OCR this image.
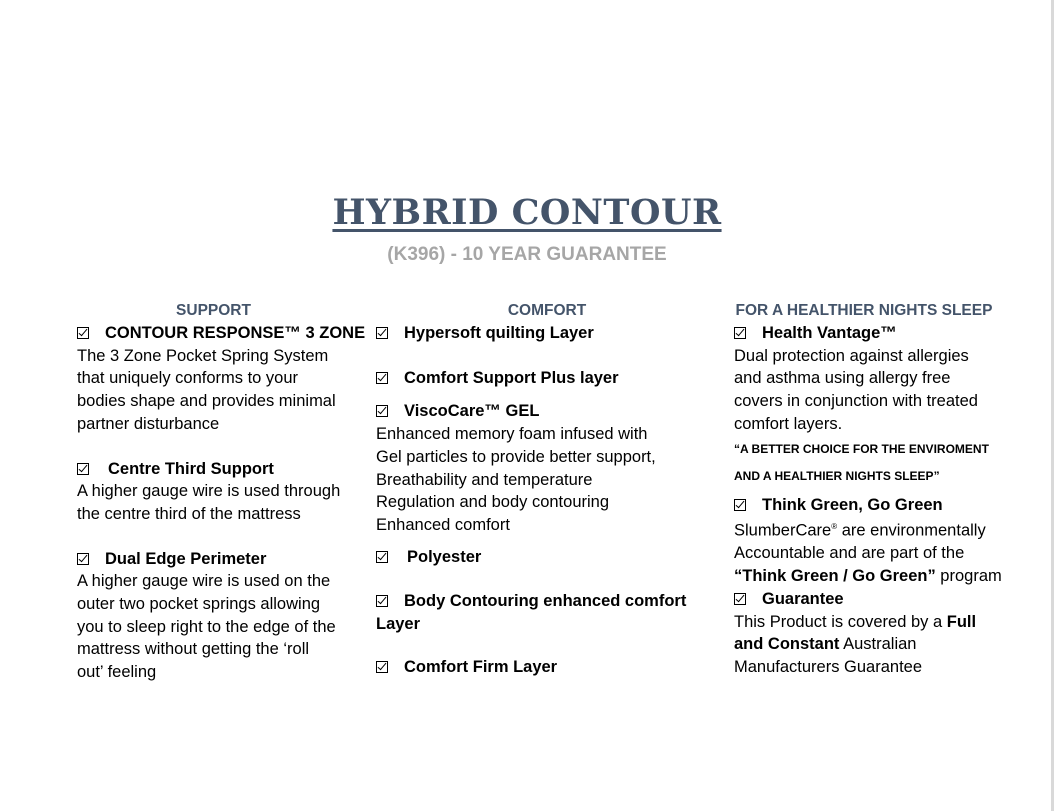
HYBRID CONTOUR
(K396) - 10 YEAR GUARANTEE
SUPPORT
CONTOUR RESPONSE™ 3 ZONE
The 3 Zone Pocket Spring System
that uniquely conforms to your
bodies shape and provides minimal
partner disturbance
Centre Third Support
A higher gauge wire is used through
the centre third of the mattress
Dual Edge Perimeter
A higher gauge wire is used on the
outer two pocket springs allowing
you to sleep right to the edge of the
mattress without getting the ‘roll
out’ feeling
COMFORT
Hypersoft quilting Layer
Comfort Support Plus layer
ViscoCare™ GEL
Enhanced memory foam infused with
Gel particles to provide better support,
Breathability and temperature
Regulation and body contouring
Enhanced comfort
Polyester
Body Contouring enhanced comfort
Layer
Comfort Firm Layer
FOR A HEALTHIER NIGHTS SLEEP
Health Vantage™
Dual protection against allergies
and asthma using allergy free
covers in conjunction with treated
comfort layers.
“A BETTER CHOICE FOR THE ENVIROMENT
AND A HEALTHIER NIGHTS SLEEP”
Think Green, Go Green
SlumberCare® are environmentally
Accountable and are part of the
“Think Green / Go Green” program
Guarantee
This Product is covered by a Full
and Constant Australian
Manufacturers Guarantee
